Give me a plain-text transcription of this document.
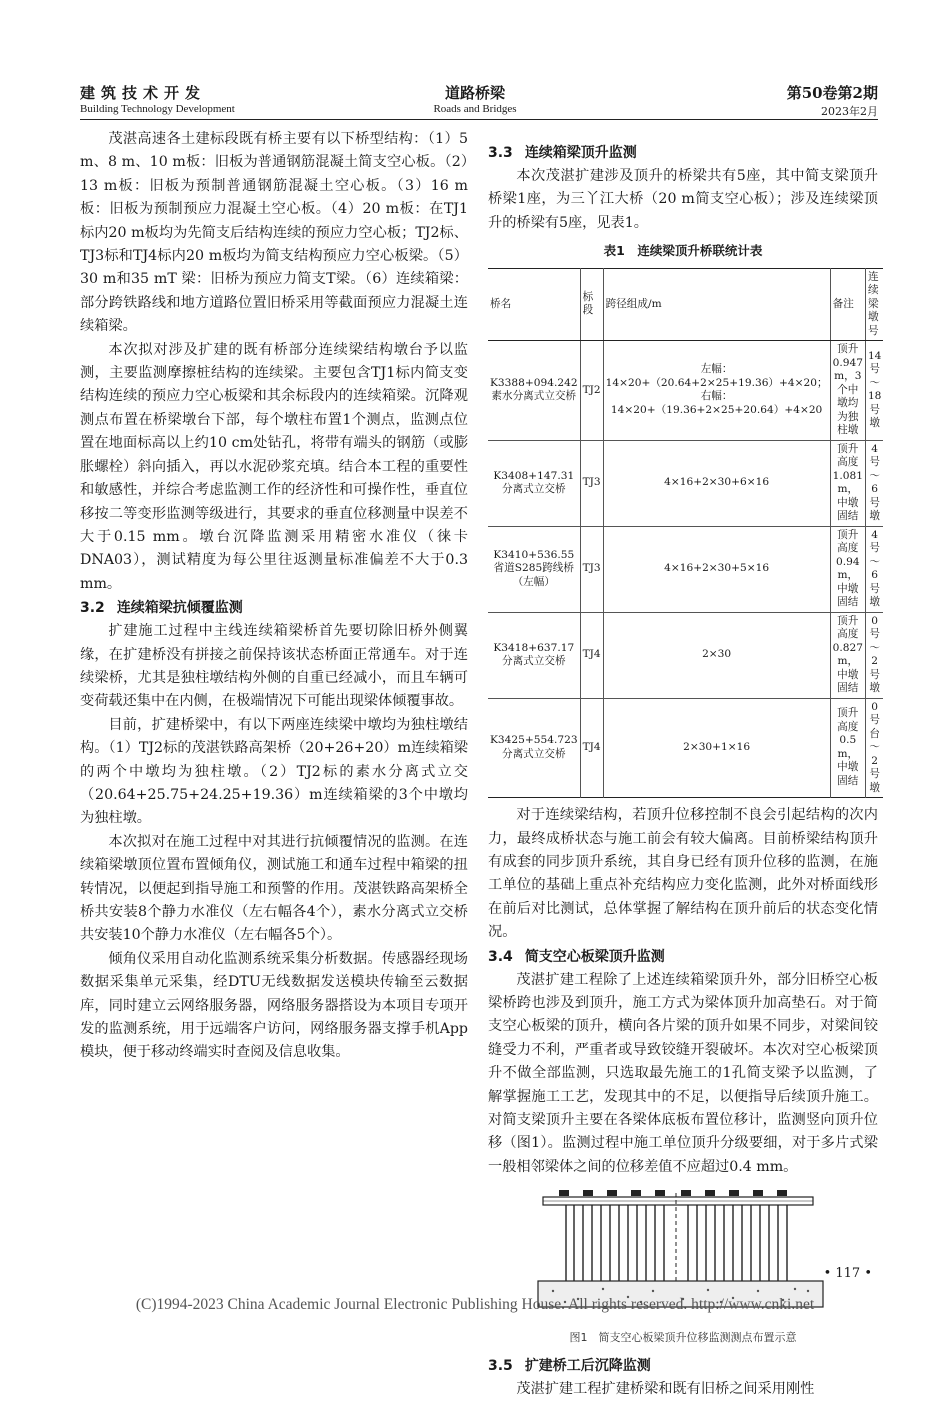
建筑技术开发
Building Technology Development
道路桥梁
Roads and Bridges
第50卷第2期
2023年2月

茂湛高速各土建标段既有桥主要有以下桥型结构：（1）5 m、8 m、10 m板：旧板为普通钢筋混凝土简支空心板。（2）13 m板：旧板为预制普通钢筋混凝土空心板。（3）16 m 板：旧板为预制预应力混凝土空心板。（4）20 m板：在TJ1标内20 m板均为先简支后结构连续的预应力空心板；TJ2标、TJ3标和TJ4标内20 m板均为简支结构预应力空心板梁。（5）30 m和35 mT 梁：旧桥为预应力简支T梁。（6）连续箱梁：部分跨铁路线和地方道路位置旧桥采用等截面预应力混凝土连续箱梁。

本次拟对涉及扩建的既有桥部分连续梁结构墩台予以监测，主要监测摩擦桩结构的连续梁。主要包含TJ1标内简支变结构连续的预应力空心板梁和其余标段内的连续箱梁。沉降观测点布置在桥梁墩台下部，每个墩柱布置1个测点，监测点位置在地面标高以上约10 cm处钻孔，将带有端头的钢筋（或膨胀螺栓）斜向插入，再以水泥砂浆充填。结合本工程的重要性和敏感性，并综合考虑监测工作的经济性和可操作性，垂直位移按二等变形监测等级进行，其要求的垂直位移测量中误差不大于0.15 mm。墩台沉降监测采用精密水准仪（徕卡DNA03），测试精度为每公里往返测量标准偏差不大于0.3 mm。

3.2 连续箱梁抗倾覆监测

扩建施工过程中主线连续箱梁桥首先要切除旧桥外侧翼缘，在扩建桥没有拼接之前保持该状态桥面正常通车。对于连续梁桥，尤其是独柱墩结构外侧的自重已经减小，而且车辆可变荷载还集中在内侧，在极端情况下可能出现梁体倾覆事故。

目前，扩建桥梁中，有以下两座连续梁中墩均为独柱墩结构。（1）TJ2标的茂湛铁路高架桥（20+26+20）m连续箱梁的两个中墩均为独柱墩。（2）TJ2标的素水分离式立交（20.64+25.75+24.25+19.36）m连续箱梁的3个中墩均为独柱墩。

本次拟对在施工过程中对其进行抗倾覆情况的监测。在连续箱梁墩顶位置布置倾角仪，测试施工和通车过程中箱梁的扭转情况，以便起到指导施工和预警的作用。茂湛铁路高架桥全桥共安装8个静力水准仪（左右幅各4个），素水分离式立交桥共安装10个静力水准仪（左右幅各5个）。

倾角仪采用自动化监测系统采集分析数据。传感器经现场数据采集单元采集，经DTU无线数据发送模块传输至云数据库，同时建立云网络服务器，网络服务器搭设为本项目专项开发的监测系统，用于远端客户访问，网络服务器支撑手机App模块，便于移动终端实时查阅及信息收集。

3.3 连续箱梁顶升监测

本次茂湛扩建涉及顶升的桥梁共有5座，其中简支梁顶升桥梁1座，为三丫江大桥（20 m简支空心板）；涉及连续梁顶升的桥梁有5座，见表1。

表1　连续梁顶升桥联统计表
桥名	标段	跨径组成/m	备注	连续梁墩号
K3388+094.242 素水分离式立交桥	TJ2	左幅：14×20+（20.64+2×25+19.36）+4×20；右幅：14×20+（19.36+2×25+20.64）+4×20	顶升0.947 m，3个中墩均为独柱墩	14号～18号墩
K3408+147.31 分离式立交桥	TJ3	4×16+2×30+6×16	顶升高度1.081 m，中墩固结	4号～6号墩
K3410+536.55 省道S285跨线桥（左幅）	TJ3	4×16+2×30+5×16	顶升高度0.94 m，中墩固结	4号～6号墩
K3418+637.17 分离式立交桥	TJ4	2×30	顶升高度0.827 m，中墩固结	0号～2号墩
K3425+554.723 分离式立交桥	TJ4	2×30+1×16	顶升高度0.5 m，中墩固结	0号台～2号墩

对于连续梁结构，若顶升位移控制不良会引起结构的次内力，最终成桥状态与施工前会有较大偏离。目前桥梁结构顶升有成套的同步顶升系统，其自身已经有顶升位移的监测，在施工单位的基础上重点补充结构应力变化监测，此外对桥面线形在前后对比测试，总体掌握了解结构在顶升前后的状态变化情况。

3.4 简支空心板梁顶升监测

茂湛扩建工程除了上述连续箱梁顶升外，部分旧桥空心板梁桥跨也涉及到顶升，施工方式为梁体顶升加高垫石。对于简支空心板梁的顶升，横向各片梁的顶升如果不同步，对梁间铰缝受力不利，严重者或导致铰缝开裂破坏。本次对空心板梁顶升不做全部监测，只选取最先施工的1孔简支梁予以监测，了解掌握施工工艺，发现其中的不足，以便指导后续顶升施工。对简支梁顶升主要在各梁体底板布置位移计，监测竖向顶升位移（图1）。监测过程中施工单位顶升分级要细，对于多片式梁一般相邻梁体之间的位移差值不应超过0.4 mm。

图1　简支空心板梁顶升位移监测测点布置示意
3.5 扩建桥工后沉降监测

茂湛扩建工程扩建桥梁和既有旧桥之间采用刚性

• 117 •
(C)1994-2023 China Academic Journal Electronic Publishing House. All rights reserved. http://www.cnki.net
